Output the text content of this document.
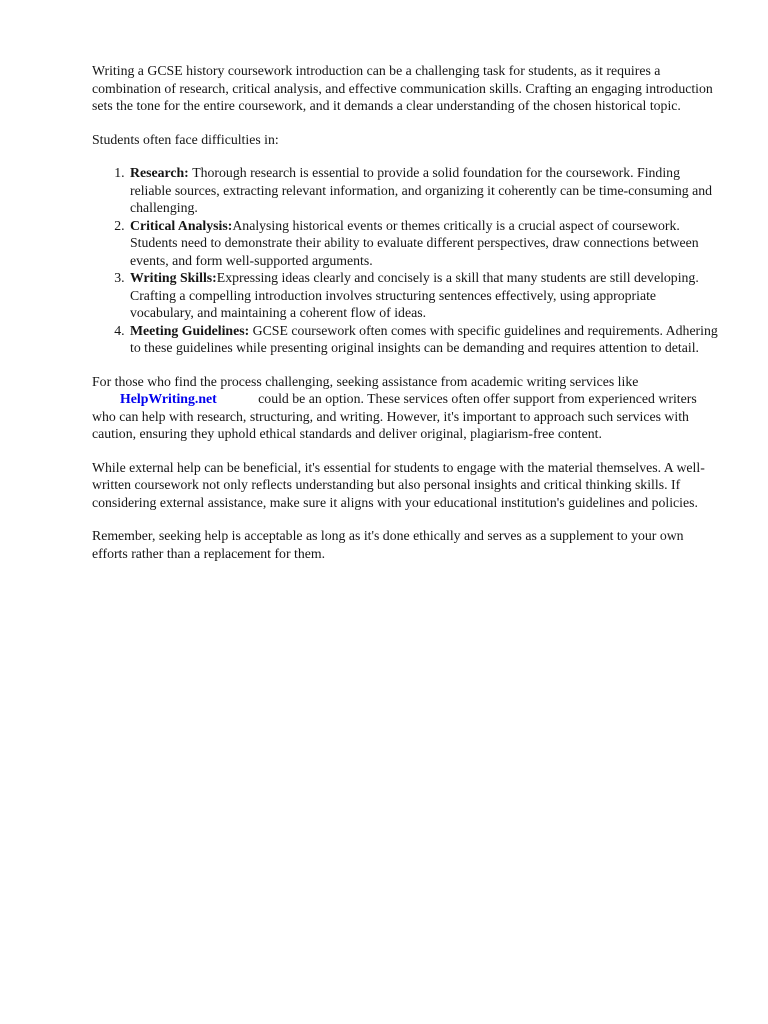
Writing a GCSE history coursework introduction can be a challenging task for students, as it requires a combination of research, critical analysis, and effective communication skills. Crafting an engaging introduction sets the tone for the entire coursework, and it demands a clear understanding of the chosen historical topic.

Students often face difficulties in:

1. Research: Thorough research is essential to provide a solid foundation for the coursework. Finding reliable sources, extracting relevant information, and organizing it coherently can be time-consuming and challenging.
2. Critical Analysis:Analysing historical events or themes critically is a crucial aspect of coursework. Students need to demonstrate their ability to evaluate different perspectives, draw connections between events, and form well-supported arguments.
3. Writing Skills:Expressing ideas clearly and concisely is a skill that many students are still developing. Crafting a compelling introduction involves structuring sentences effectively, using appropriate vocabulary, and maintaining a coherent flow of ideas.
4. Meeting Guidelines: GCSE coursework often comes with specific guidelines and requirements. Adhering to these guidelines while presenting original insights can be demanding and requires attention to detail.

For those who find the process challenging, seeking assistance from academic writing services like HelpWriting.net	could be an option. These services often offer support from experienced writers who can help with research, structuring, and writing. However, it's important to approach such services with caution, ensuring they uphold ethical standards and deliver original, plagiarism-free content.

While external help can be beneficial, it's essential for students to engage with the material themselves. A well-written coursework not only reflects understanding but also personal insights and critical thinking skills. If considering external assistance, make sure it aligns with your educational institution's guidelines and policies.

Remember, seeking help is acceptable as long as it's done ethically and serves as a supplement to your own efforts rather than a replacement for them.
